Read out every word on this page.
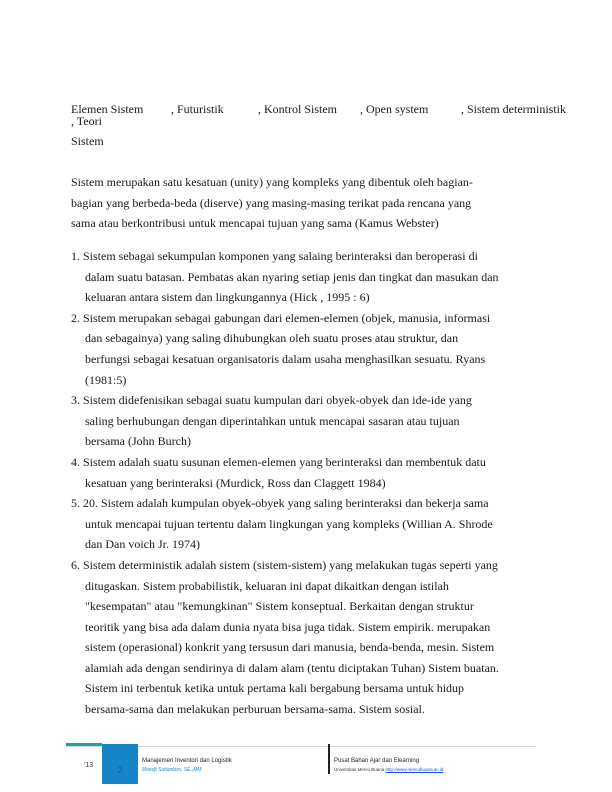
Elemen Sistem , Futuristik	, Kontrol Sistem , Open system	, Sistem deterministik
, Teori
Sistem

Sistem merupakan satu kesatuan (unity) yang kompleks yang dibentuk oleh bagian-bagian yang berbeda-beda (diserve) yang masing-masing terikat pada rencana yang sama atau berkontribusi untuk mencapai tujuan yang sama (Kamus Webster)

1. Sistem sebagai sekumpulan komponen yang salaing berinteraksi dan beroperasi di dalam suatu batasan. Pembatas akan nyaring setiap jenis dan tingkat dan masukan dan keluaran antara sistem dan lingkungannya (Hick , 1995 : 6)
2. Sistem merupakan sebagai gabungan dari elemen-elemen (objek, manusia, informasi dan sebagainya) yang saling dihubungkan oleh suatu proses atau struktur, dan berfungsi sebagai kesatuan organisatoris dalam usaha menghasilkan sesuatu. Ryans (1981:5)
3. Sistem didefenisikan sebagai suatu kumpulan dari obyek-obyek dan ide-ide yang saling berhubungan dengan diperintahkan untuk mencapai sasaran atau tujuan bersama (John Burch)
4. Sistem adalah suatu susunan elemen-elemen yang berinteraksi dan membentuk datu kesatuan yang berinteraksi (Murdick, Ross dan Claggett 1984)
5. 20. Sistem adalah kumpulan obyek-obyek yang saling berinteraksi dan bekerja sama untuk mencapai tujuan tertentu dalam lingkungan yang kompleks (Willian A. Shrode dan Dan voich Jr. 1974)
6. Sistem deterministik adalah sistem (sistem-sistem) yang melakukan tugas seperti yang ditugaskan. Sistem probabilistik, keluaran ini dapat dikaitkan dengan istilah "kesempatan" atau "kemungkinan" Sistem konseptual. Berkaitan dengan struktur teoritik yang bisa ada dalam dunia nyata bisa juga tidak. Sistem empirik. merupakan sistem (operasional) konkrit yang tersusun dari manusia, benda-benda, mesin. Sistem alamiah ada dengan sendirinya di dalam alam (tentu diciptakan Tuhan) Sistem buatan. Sistem ini terbentuk ketika untuk pertama kali bergabung bersama untuk hidup bersama-sama dan melakukan perburuan bersama-sama. Sistem sosial.
'13
2
Manajemen Inventori dan Logistik
Moedji Sutiantoro, SE.,MM
Pusat Bahan Ajar dan Elearning
Universitas Mercu Buana http://www.mercubuana.ac.id
